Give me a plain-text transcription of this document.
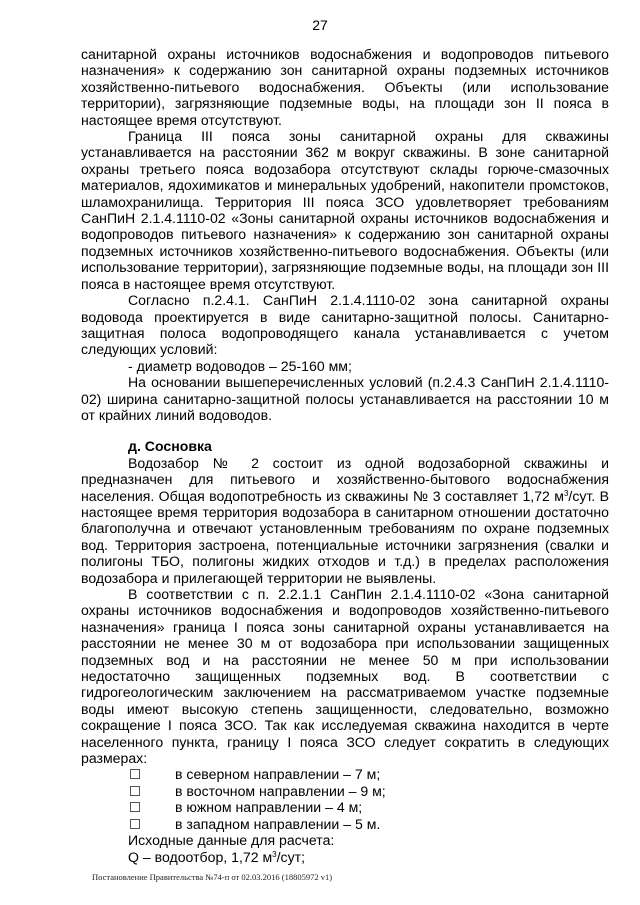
27

санитарной охраны источников водоснабжения и водопроводов питьевого назначения» к содержанию зон санитарной охраны подземных источников хозяйственно-питьевого водоснабжения. Объекты (или использование территории), загрязняющие подземные воды, на площади зон II пояса в настоящее время отсутствуют.

Граница III пояса зоны санитарной охраны для скважины устанавливается на расстоянии 362 м вокруг скважины. В зоне санитарной охраны третьего пояса водозабора отсутствуют склады горюче-смазочных материалов, ядохимикатов и минеральных удобрений, накопители промстоков, шламохранилища. Территория III пояса ЗСО удовлетворяет требованиям СанПиН 2.1.4.1110-02 «Зоны санитарной охраны источников водоснабжения и водопроводов питьевого назначения» к содержанию зон санитарной охраны подземных источников хозяйственно-питьевого водоснабжения. Объекты (или использование территории), загрязняющие подземные воды, на площади зон III пояса в настоящее время отсутствуют.

Согласно п.2.4.1. СанПиН 2.1.4.1110-02 зона санитарной охраны водовода проектируется в виде санитарно-защитной полосы. Санитарно-защитная полоса водопроводящего канала устанавливается с учетом следующих условий:

- диаметр водоводов – 25-160 мм;

На основании вышеперечисленных условий (п.2.4.3 СанПиН 2.1.4.1110-02) ширина санитарно-защитной полосы устанавливается на расстоянии 10 м от крайних линий водоводов.

д. Сосновка

Водозабор № 2 состоит из одной водозаборной скважины и предназначен для питьевого и хозяйственно-бытового водоснабжения населения. Общая водопотребность из скважины № 3 составляет 1,72 $м^3$/сут. В настоящее время территория водозабора в санитарном отношении достаточно благополучна и отвечают установленным требованиям по охране подземных вод. Территория застроена, потенциальные источники загрязнения (свалки и полигоны ТБО, полигоны жидких отходов и т.д.) в пределах расположения водозабора и прилегающей территории не выявлены.

В соответствии с п. 2.2.1.1 СанПин 2.1.4.1110-02 «Зона санитарной охраны источников водоснабжения и водопроводов хозяйственно-питьевого назначения» граница I пояса зоны санитарной охраны устанавливается на расстоянии не менее 30 м от водозабора при использовании защищенных подземных вод и на расстоянии не менее 50 м при использовании недостаточно защищенных подземных вод. В соответствии с гидрогеологическим заключением на рассматриваемом участке подземные воды имеют высокую степень защищенности, следовательно, возможно сокращение I пояса ЗСО. Так как исследуемая скважина находится в черте населенного пункта, границу I пояса ЗСО следует сократить в следующих размерах:

в северном направлении – 7 м;

в восточном направлении – 9 м;

в южном направлении – 4 м;

в западном направлении – 5 м.

Исходные данные для расчета:

Q – водоотбор, 1,72 $м^3$/сут;

Постановление Правительства №74-п от 02.03.2016 (18805972 v1)
